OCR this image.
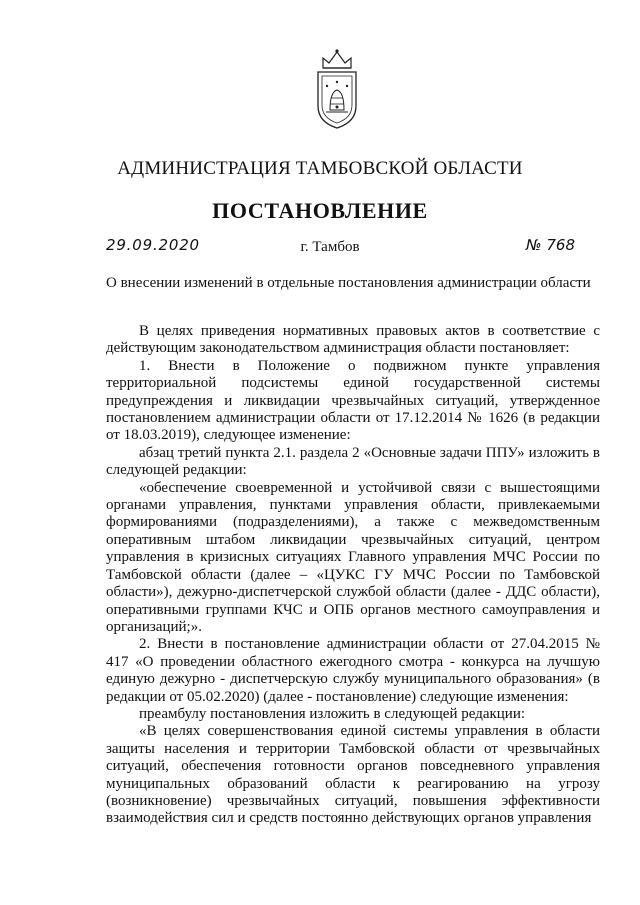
АДМИНИСТРАЦИЯ ТАМБОВСКОЙ ОБЛАСТИ
ПОСТАНОВЛЕНИЕ
29.09.2020	г. Тамбов	№ 768
О внесении изменений в отдельные постановления администрации области

В целях приведения нормативных правовых актов в соответствие с действующим законодательством администрация области постановляет:

1. Внести в Положение о подвижном пункте управления территориальной подсистемы единой государственной системы предупреждения и ликвидации чрезвычайных ситуаций, утвержденное постановлением администрации области от 17.12.2014 № 1626 (в редакции от 18.03.2019), следующее изменение:

абзац третий пункта 2.1. раздела 2 «Основные задачи ППУ» изложить в следующей редакции:

«обеспечение своевременной и устойчивой связи с вышестоящими органами управления, пунктами управления области, привлекаемыми формированиями (подразделениями), а также с межведомственным оперативным штабом ликвидации чрезвычайных ситуаций, центром управления в кризисных ситуациях Главного управления МЧС России по Тамбовской области (далее – «ЦУКС ГУ МЧС России по Тамбовской области»), дежурно-диспетчерской службой области (далее - ДДС области), оперативными группами КЧС и ОПБ органов местного самоуправления и организаций;».

2. Внести в постановление администрации области от 27.04.2015 № 417 «О проведении областного ежегодного смотра - конкурса на лучшую единую дежурно - диспетчерскую службу муниципального образования» (в редакции от 05.02.2020) (далее - постановление) следующие изменения:

преамбулу постановления изложить в следующей редакции:

«В целях совершенствования единой системы управления в области защиты населения и территории Тамбовской области от чрезвычайных ситуаций, обеспечения готовности органов повседневного управления муниципальных образований области к реагированию на угрозу (возникновение) чрезвычайных ситуаций, повышения эффективности взаимодействия сил и средств постоянно действующих органов управления
